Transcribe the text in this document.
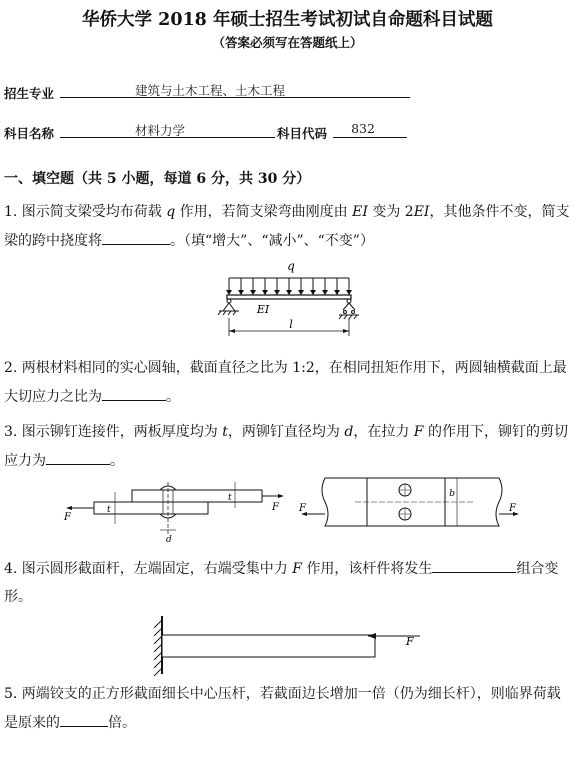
华侨大学 2018 年硕士招生考试初试自命题科目试题
（答案必须写在答题纸上）
招生专业	建筑与土木工程、土木工程
科目名称	材料力学	科目代码	832
一、填空题（共 5 小题，每道 6 分，共 30 分）
1. 图示简支梁受均布荷载 q 作用，若简支梁弯曲刚度由 EI 变为 2EI，其他条件不变，简支梁的跨中挠度将	。（填“增大”、“减小”、“不变”）
q
EI
l
2. 两根材料相同的实心圆轴，截面直径之比为 1:2，在相同扭矩作用下，两圆轴横截面上最大切应力之比为	。
3. 图示铆钉连接件，两板厚度均为 t，两铆钉直径均为 d，在拉力 F 的作用下，铆钉的剪切应力为	。
F
F
t
t
d
b
F	F
4. 图示圆形截面杆，左端固定，右端受集中力 F 作用，该杆件将发生	组合变形。
F
5. 两端铰支的正方形截面细长中心压杆，若截面边长增加一倍（仍为细长杆），则临界荷载是原来的	倍。
